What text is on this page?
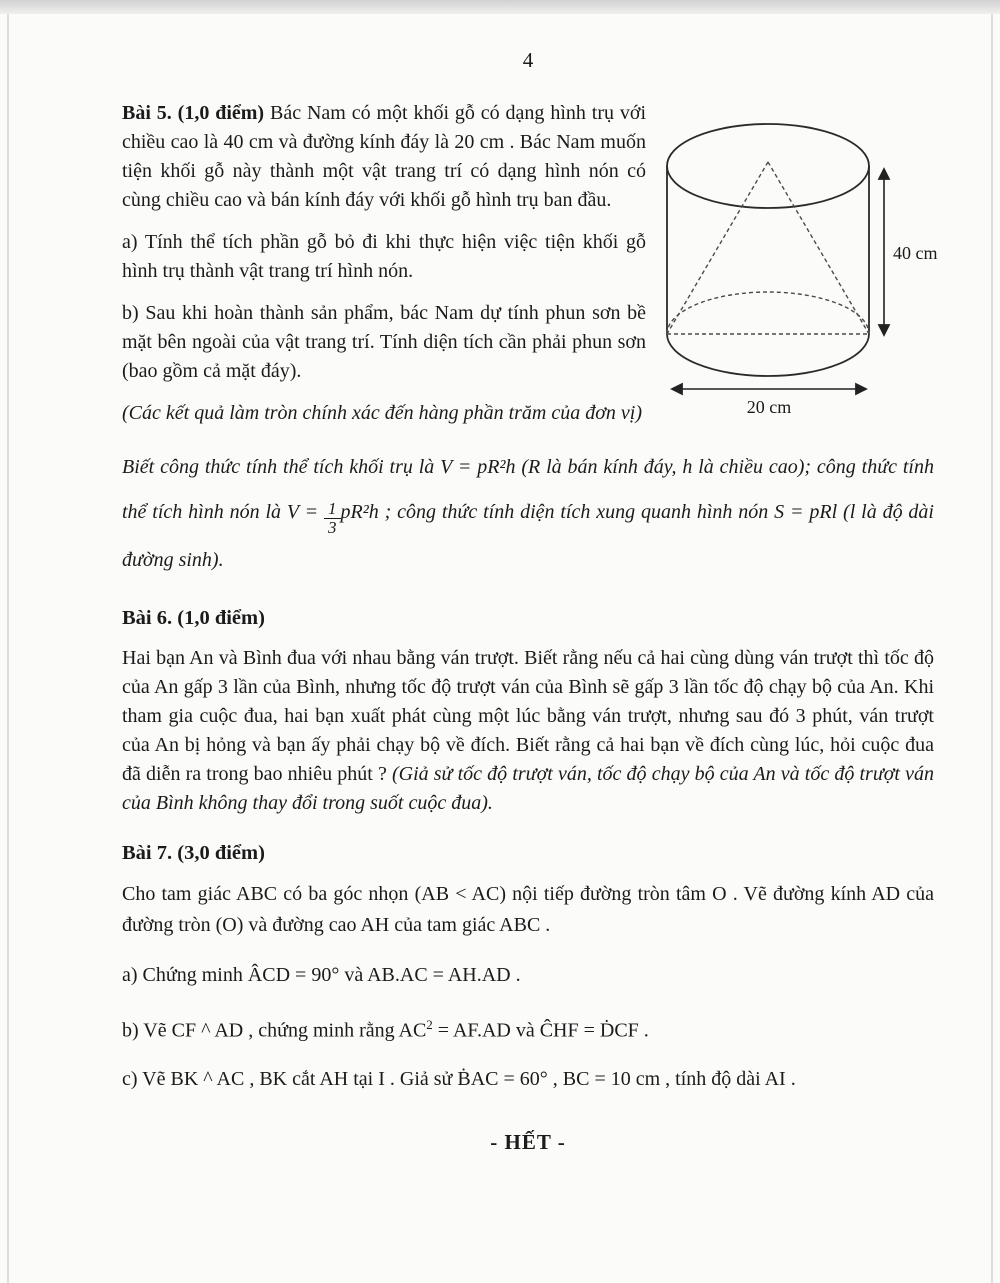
4

Bài 5. (1,0 điểm) Bác Nam có một khối gỗ có dạng hình trụ với chiều cao là 40 cm và đường kính đáy là 20 cm . Bác Nam muốn tiện khối gỗ này thành một vật trang trí có dạng hình nón có cùng chiều cao và bán kính đáy với khối gỗ hình trụ ban đầu.

a) Tính thể tích phần gỗ bỏ đi khi thực hiện việc tiện khối gỗ hình trụ thành vật trang trí hình nón.

b) Sau khi hoàn thành sản phẩm, bác Nam dự tính phun sơn bề mặt bên ngoài của vật trang trí. Tính diện tích cần phải phun sơn (bao gồm cả mặt đáy).

(Các kết quả làm tròn chính xác đến hàng phần trăm của đơn vị)

40 cm
20 cm

Biết công thức tính thể tích khối trụ là V = pR²h (R là bán kính đáy, h là chiều cao); công thức tính thể tích hình nón là $V = \frac{1}{3} pR^2h$ ; công thức tính diện tích xung quanh hình nón S = pRl (l là độ dài đường sinh).

Bài 6. (1,0 điểm)

Hai bạn An và Bình đua với nhau bằng ván trượt. Biết rằng nếu cả hai cùng dùng ván trượt thì tốc độ của An gấp 3 lần của Bình, nhưng tốc độ trượt ván của Bình sẽ gấp 3 lần tốc độ chạy bộ của An. Khi tham gia cuộc đua, hai bạn xuất phát cùng một lúc bằng ván trượt, nhưng sau đó 3 phút, ván trượt của An bị hỏng và bạn ấy phải chạy bộ về đích. Biết rằng cả hai bạn về đích cùng lúc, hỏi cuộc đua đã diễn ra trong bao nhiêu phút ? (Giả sử tốc độ trượt ván, tốc độ chạy bộ của An và tốc độ trượt ván của Bình không thay đổi trong suốt cuộc đua).

Bài 7. (3,0 điểm)

Cho tam giác ABC có ba góc nhọn (AB < AC) nội tiếp đường tròn tâm O . Vẽ đường kính AD của đường tròn (O) và đường cao AH của tam giác ABC .

a) Chứng minh ÂCD = 90° và AB.AC = AH.AD .

b) Vẽ CF ^ AD , chứng minh rằng $AC^2 = AF.AD$ và ĈHF = ḊCF .

c) Vẽ BK ^ AC , BK cắt AH tại I . Giả sử ḂAC = 60° , BC = 10 cm , tính độ dài AI .

- HẾT -
